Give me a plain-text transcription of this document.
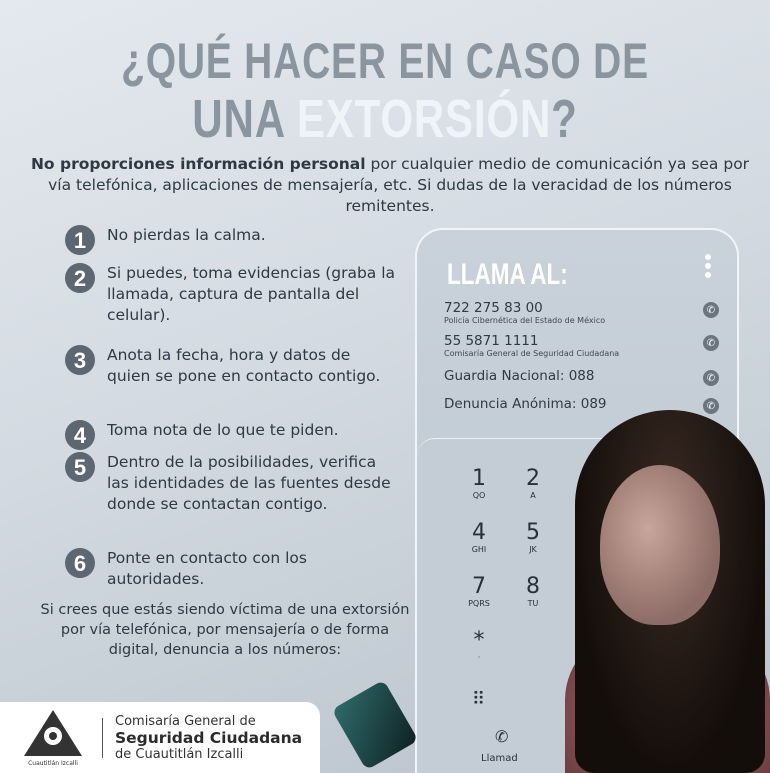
¿QUÉ HACER EN CASO DE
UNA EXTORSIÓN?
No proporciones información personal por cualquier medio de comunicación ya sea por vía telefónica, aplicaciones de mensajería, etc. Si dudas de la veracidad de los números remitentes.
1	No pierdas la calma.
2	Si puedes, toma evidencias (graba la llamada, captura de pantalla del celular).
3	Anota la fecha, hora y datos de quien se pone en contacto contigo.
4	Toma nota de lo que te piden.
5	Dentro de la posibilidades, verifica las identidades de las fuentes desde donde se contactan contigo.
6	Ponte en contacto con los autoridades.
Si crees que estás siendo víctima de una extorsión por vía telefónica, por mensajería o de forma digital, denuncia a los números:
LLAMA AL:
722 275 83 00
Policía Cibernética del Estado de México
✆
55 5871 1111
Comisaría General de Seguridad Ciudadana
✆
Guardia Nacional: 088	✆
Denuncia Anónima: 089	✆
1
QO
2
A
4
GHI
5
JK
7
PQRS
8
TU
*
·
⠿
✆
Llamad
Cuautitlán Izcalli
Comisaría General de
Seguridad Ciudadana
de Cuautitlán Izcalli
